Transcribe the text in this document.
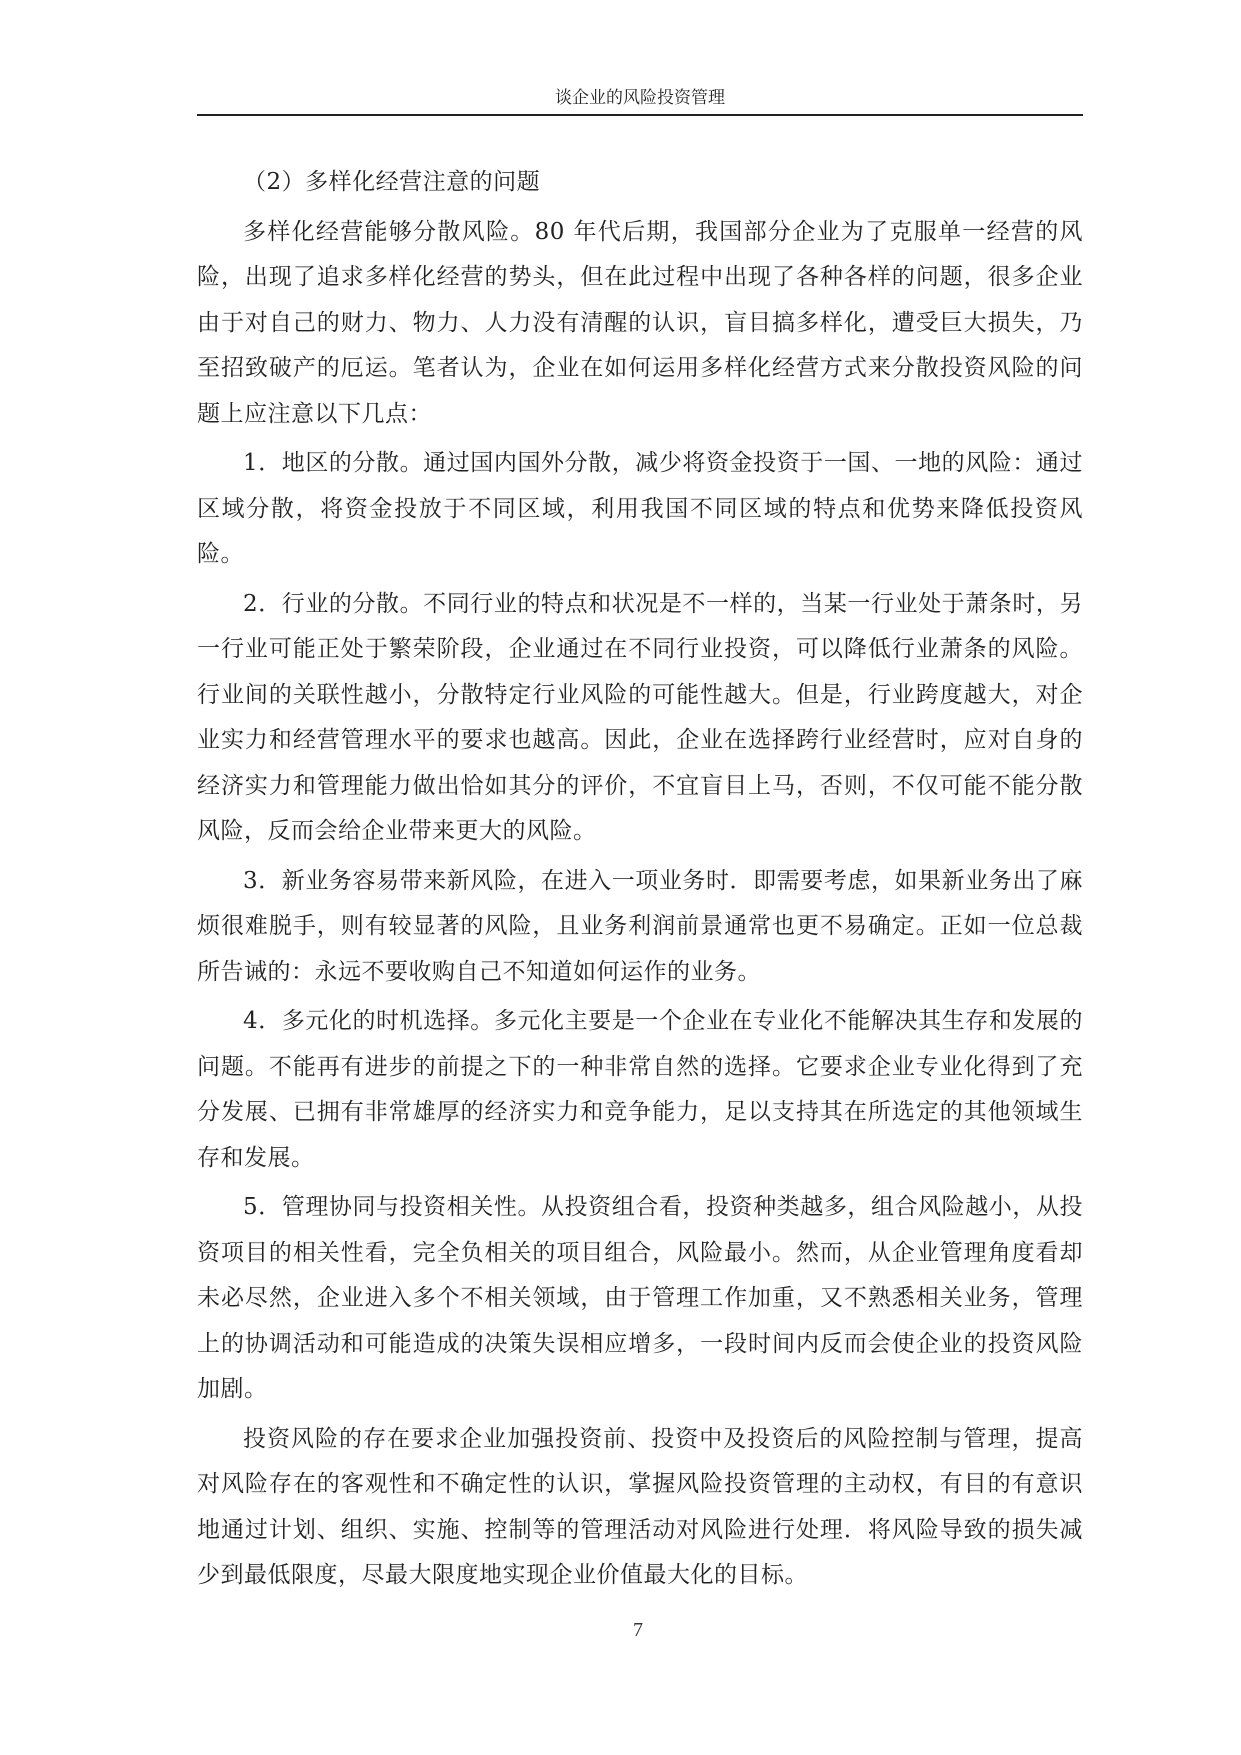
谈企业的风险投资管理

（2）多样化经营注意的问题

多样化经营能够分散风险。80 年代后期，我国部分企业为了克服单一经营的风险，出现了追求多样化经营的势头，但在此过程中出现了各种各样的问题，很多企业由于对自己的财力、物力、人力没有清醒的认识，盲目搞多样化，遭受巨大损失，乃至招致破产的厄运。笔者认为，企业在如何运用多样化经营方式来分散投资风险的问题上应注意以下几点：

1．地区的分散。通过国内国外分散，减少将资金投资于一国、一地的风险：通过区域分散，将资金投放于不同区域，利用我国不同区域的特点和优势来降低投资风险。

2．行业的分散。不同行业的特点和状况是不一样的，当某一行业处于萧条时，另一行业可能正处于繁荣阶段，企业通过在不同行业投资，可以降低行业萧条的风险。行业间的关联性越小，分散特定行业风险的可能性越大。但是，行业跨度越大，对企业实力和经营管理水平的要求也越高。因此，企业在选择跨行业经营时，应对自身的经济实力和管理能力做出恰如其分的评价，不宜盲目上马，否则，不仅可能不能分散风险，反而会给企业带来更大的风险。

3．新业务容易带来新风险，在进入一项业务时．即需要考虑，如果新业务出了麻烦很难脱手，则有较显著的风险，且业务利润前景通常也更不易确定。正如一位总裁所告诫的：永远不要收购自己不知道如何运作的业务。

4．多元化的时机选择。多元化主要是一个企业在专业化不能解决其生存和发展的问题。不能再有进步的前提之下的一种非常自然的选择。它要求企业专业化得到了充分发展、已拥有非常雄厚的经济实力和竞争能力，足以支持其在所选定的其他领域生存和发展。

5．管理协同与投资相关性。从投资组合看，投资种类越多，组合风险越小，从投资项目的相关性看，完全负相关的项目组合，风险最小。然而，从企业管理角度看却未必尽然，企业进入多个不相关领域，由于管理工作加重，又不熟悉相关业务，管理上的协调活动和可能造成的决策失误相应增多，一段时间内反而会使企业的投资风险加剧。

投资风险的存在要求企业加强投资前、投资中及投资后的风险控制与管理，提高对风险存在的客观性和不确定性的认识，掌握风险投资管理的主动权，有目的有意识地通过计划、组织、实施、控制等的管理活动对风险进行处理．将风险导致的损失减少到最低限度，尽最大限度地实现企业价值最大化的目标。

7
